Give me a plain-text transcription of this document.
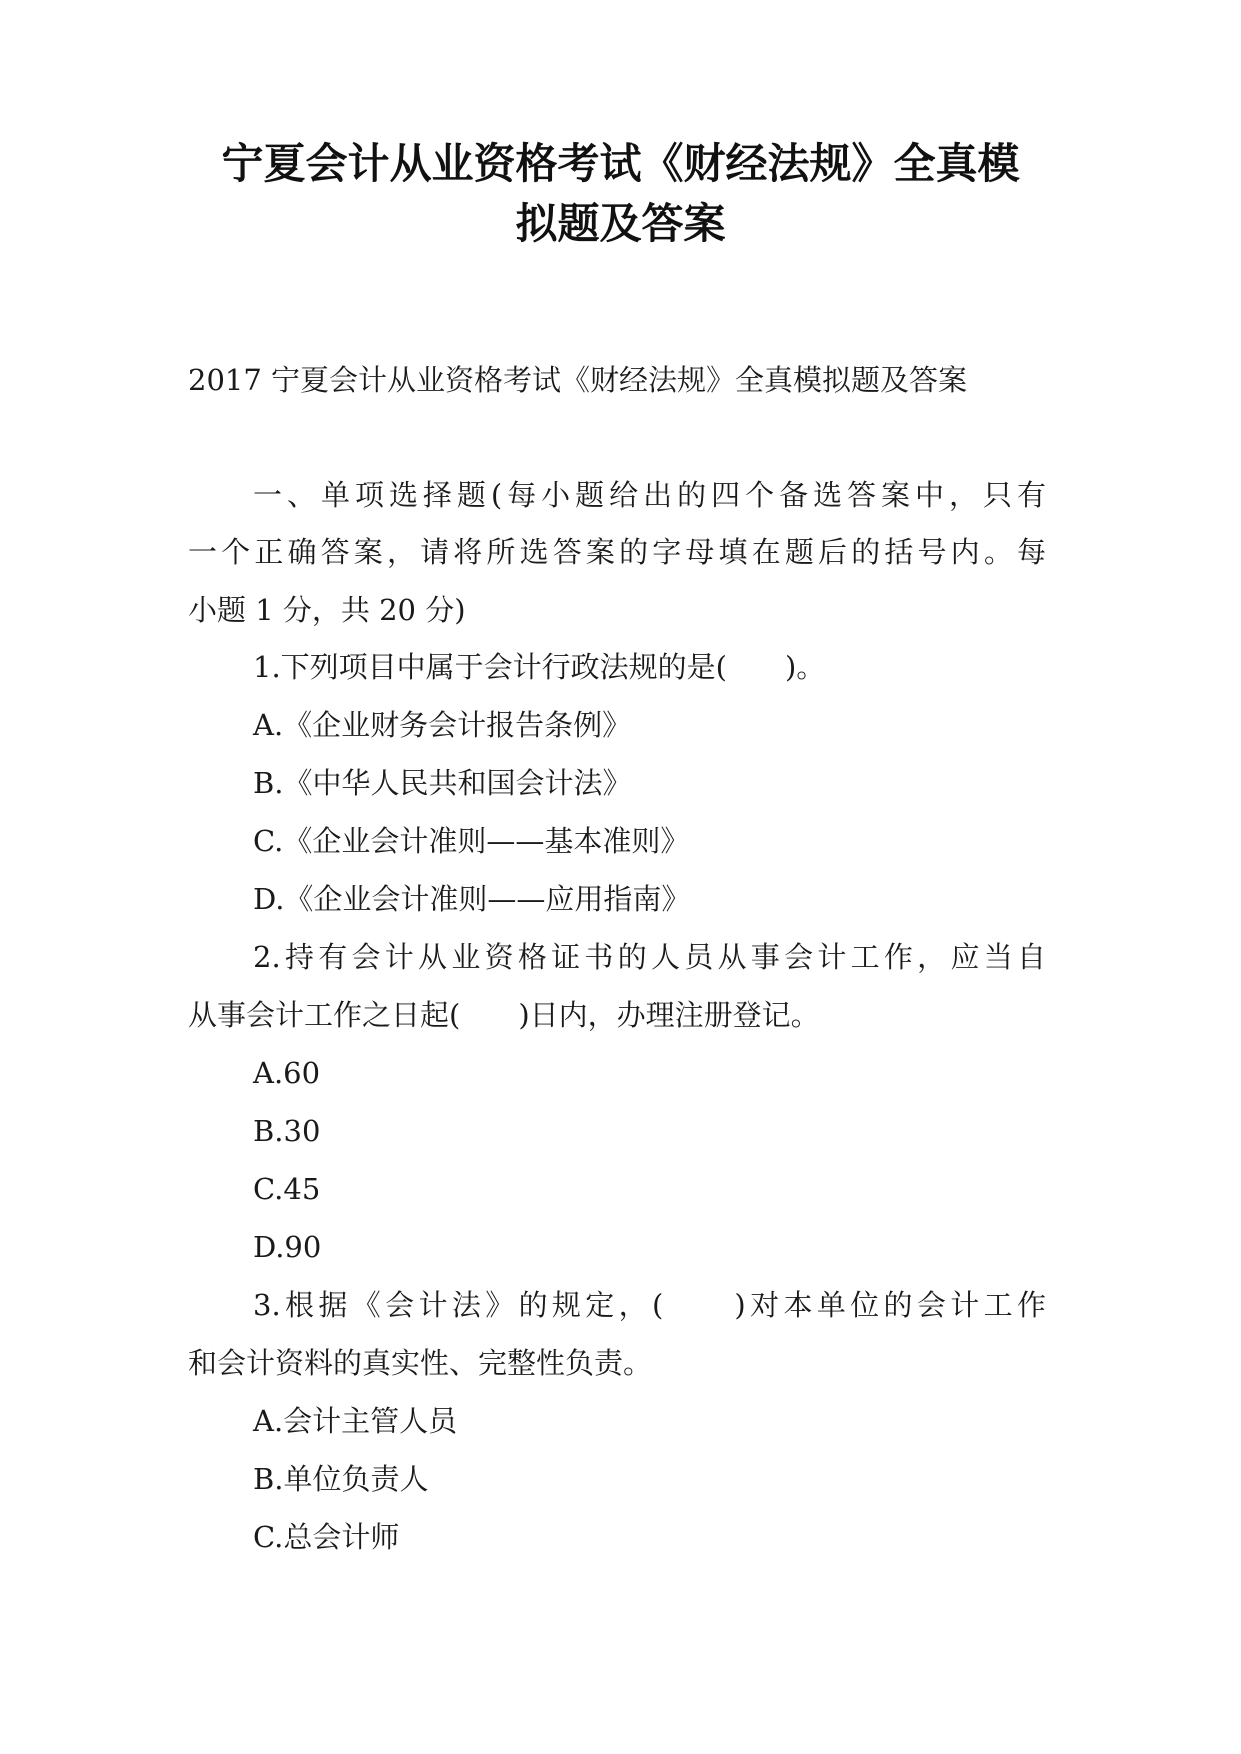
宁夏会计从业资格考试《财经法规》全真模
拟题及答案
2017 宁夏会计从业资格考试《财经法规》全真模拟题及答案
一、单项选择题(每小题给出的四个备选答案中，只有
一个正确答案，请将所选答案的字母填在题后的括号内。每
小题 1 分，共 20 分)
1.下列项目中属于会计行政法规的是(　　)。
A.《企业财务会计报告条例》
B.《中华人民共和国会计法》
C.《企业会计准则——基本准则》
D.《企业会计准则——应用指南》
2.持有会计从业资格证书的人员从事会计工作，应当自
从事会计工作之日起(　　)日内，办理注册登记。
A.60
B.30
C.45
D.90
3.根据《会计法》的规定，(　　)对本单位的会计工作
和会计资料的真实性、完整性负责。
A.会计主管人员
B.单位负责人
C.总会计师
